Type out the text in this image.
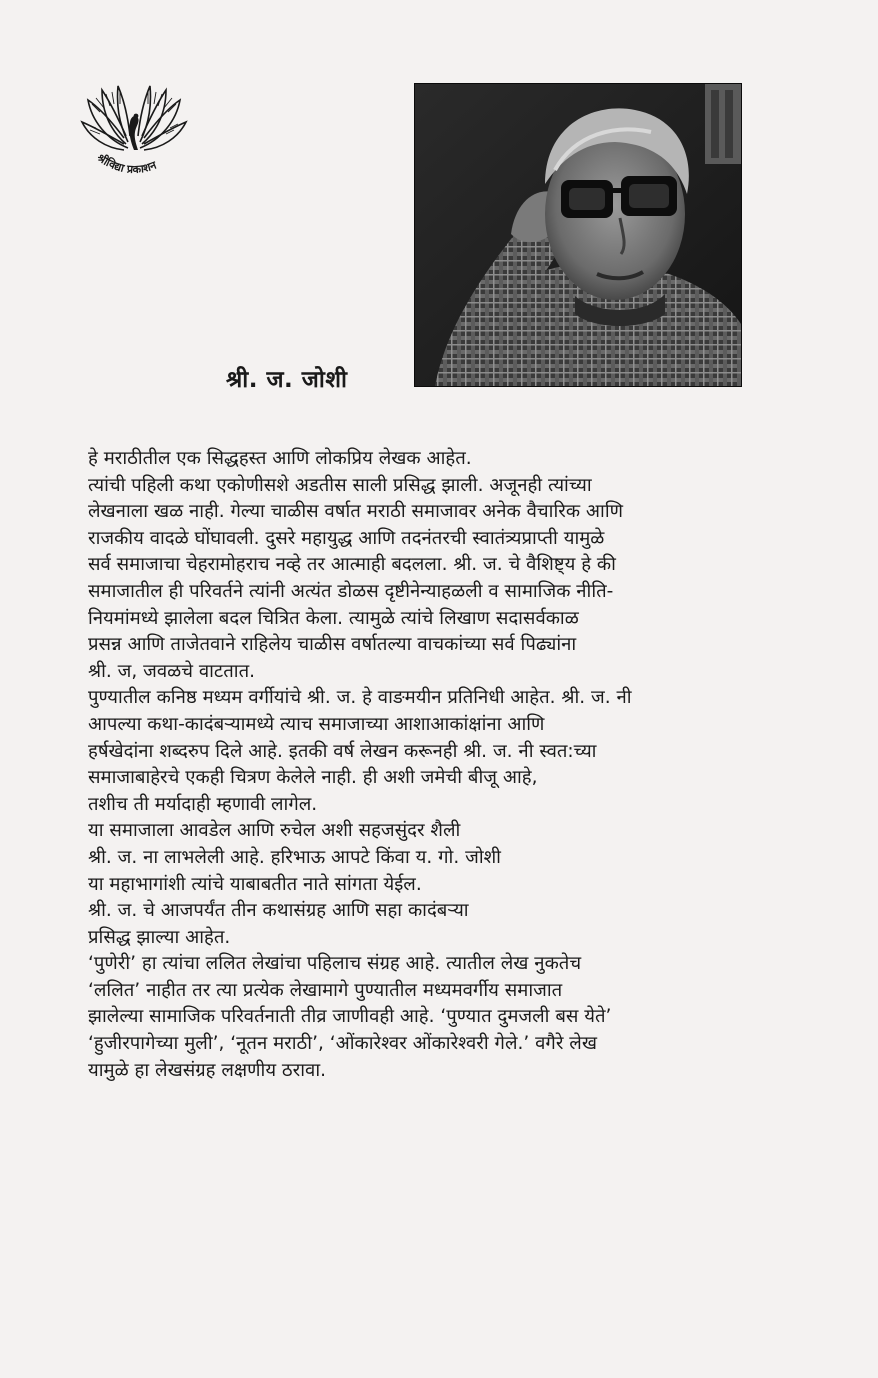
श्रीविद्या प्रकाशन
श्री. ज. जोशी
हे मराठीतील एक सिद्धहस्त आणि लोकप्रिय लेखक आहेत.
त्यांची पहिली कथा एकोणीसशे अडतीस साली प्रसिद्ध झाली. अजूनही त्यांच्या
लेखनाला खळ नाही. गेल्या चाळीस वर्षात मराठी समाजावर अनेक वैचारिक आणि
राजकीय वादळे घोंघावली. दुसरे महायुद्ध आणि तदनंतरची स्वातंत्र्यप्राप्ती यामुळे
सर्व समाजाचा चेहरामोहराच नव्हे तर आत्माही बदलला. श्री. ज. चे वैशिष्ट्य हे की
समाजातील ही परिवर्तने त्यांनी अत्यंत डोळस दृष्टीनेन्याहळली व सामाजिक नीति-
नियमांमध्ये झालेला बदल चित्रित केला. त्यामुळे त्यांचे लिखाण सदासर्वकाळ
प्रसन्न आणि ताजेतवाने राहिलेय चाळीस वर्षातल्या वाचकांच्या सर्व पिढ्यांना
श्री. ज, जवळचे वाटतात.
पुण्यातील कनिष्ठ मध्यम वर्गीयांचे श्री. ज. हे वाङमयीन प्रतिनिधी आहेत. श्री. ज. नी
आपल्या कथा-कादंबऱ्यामध्ये त्याच समाजाच्या आशाआकांक्षांना आणि
हर्षखेदांना शब्दरुप दिले आहे. इतकी वर्ष लेखन करूनही श्री. ज. नी स्वत:च्या
समाजाबाहेरचे एकही चित्रण केलेले नाही. ही अशी जमेची बीजू आहे,
तशीच ती मर्यादाही म्हणावी लागेल.
या समाजाला आवडेल आणि रुचेल अशी सहजसुंदर शैली
श्री. ज. ना लाभलेली आहे. हरिभाऊ आपटे किंवा य. गो. जोशी
या महाभागांशी त्यांचे याबाबतीत नाते सांगता येईल.
श्री. ज. चे आजपर्यंत तीन कथासंग्रह आणि सहा कादंबऱ्या
प्रसिद्ध झाल्या आहेत.
‘पुणेरी’ हा त्यांचा ललित लेखांचा पहिलाच संग्रह आहे. त्यातील लेख नुकतेच
‘ललित’ नाहीत तर त्या प्रत्येक लेखामागे पुण्यातील मध्यमवर्गीय समाजात
झालेल्या सामाजिक परिवर्तनाती तीव्र जाणीवही आहे. ‘पुण्यात दुमजली बस येते’
‘हुजीरपागेच्या मुली’, ‘नूतन मराठी’, ‘ओंकारेश्वर ओंकारेश्वरी गेले.’ वगैरे लेख
यामुळे हा लेखसंग्रह लक्षणीय ठरावा.
